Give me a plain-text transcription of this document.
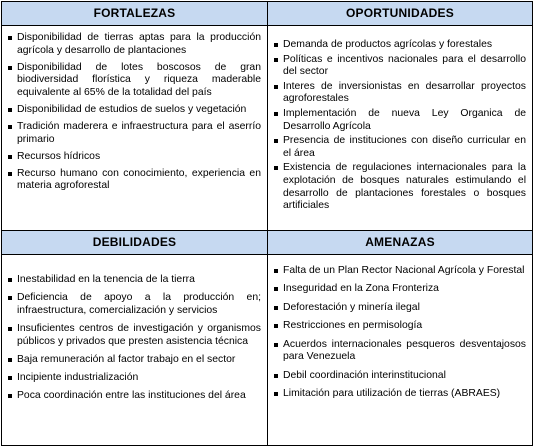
FORTALEZAS
Disponibilidad de tierras aptas para la producción agrícola y desarrollo de plantaciones
Disponibilidad de lotes boscosos de gran biodiversidad florística y riqueza maderable equivalente al 65% de la totalidad del país
Disponibilidad de estudios de suelos y vegetación
Tradición maderera e infraestructura para el aserrío primario
Recursos hídricos
Recurso humano con conocimiento, experiencia en materia agroforestal
OPORTUNIDADES
Demanda de productos agrícolas y forestales
Políticas e incentivos nacionales para el desarrollo del sector
Interes de inversionistas en desarrollar proyectos agroforestales
Implementación de nueva Ley Organica de Desarrollo Agrícola
Presencia de instituciones con diseño curricular en el área
Existencia de regulaciones internacionales para la explotación de bosques naturales estimulando el desarrollo de plantaciones forestales o bosques artificiales
DEBILIDADES
Inestabilidad en la tenencia de la tierra
Deficiencia de apoyo a la producción en; infraestructura, comercialización y servicios
Insuficientes centros de investigación y organismos públicos y privados que presten asistencia técnica
Baja remuneración al factor trabajo en el sector
Incipiente industrialización
Poca coordinación entre las instituciones del área
AMENAZAS
Falta de un Plan Rector Nacional Agrícola y Forestal
Inseguridad en la Zona Fronteriza
Deforestación y minería ilegal
Restricciones en permisología
Acuerdos internacionales pesqueros desventajosos para Venezuela
Debil coordinación interinstitucional
Limitación para utilización de tierras (ABRAES)
